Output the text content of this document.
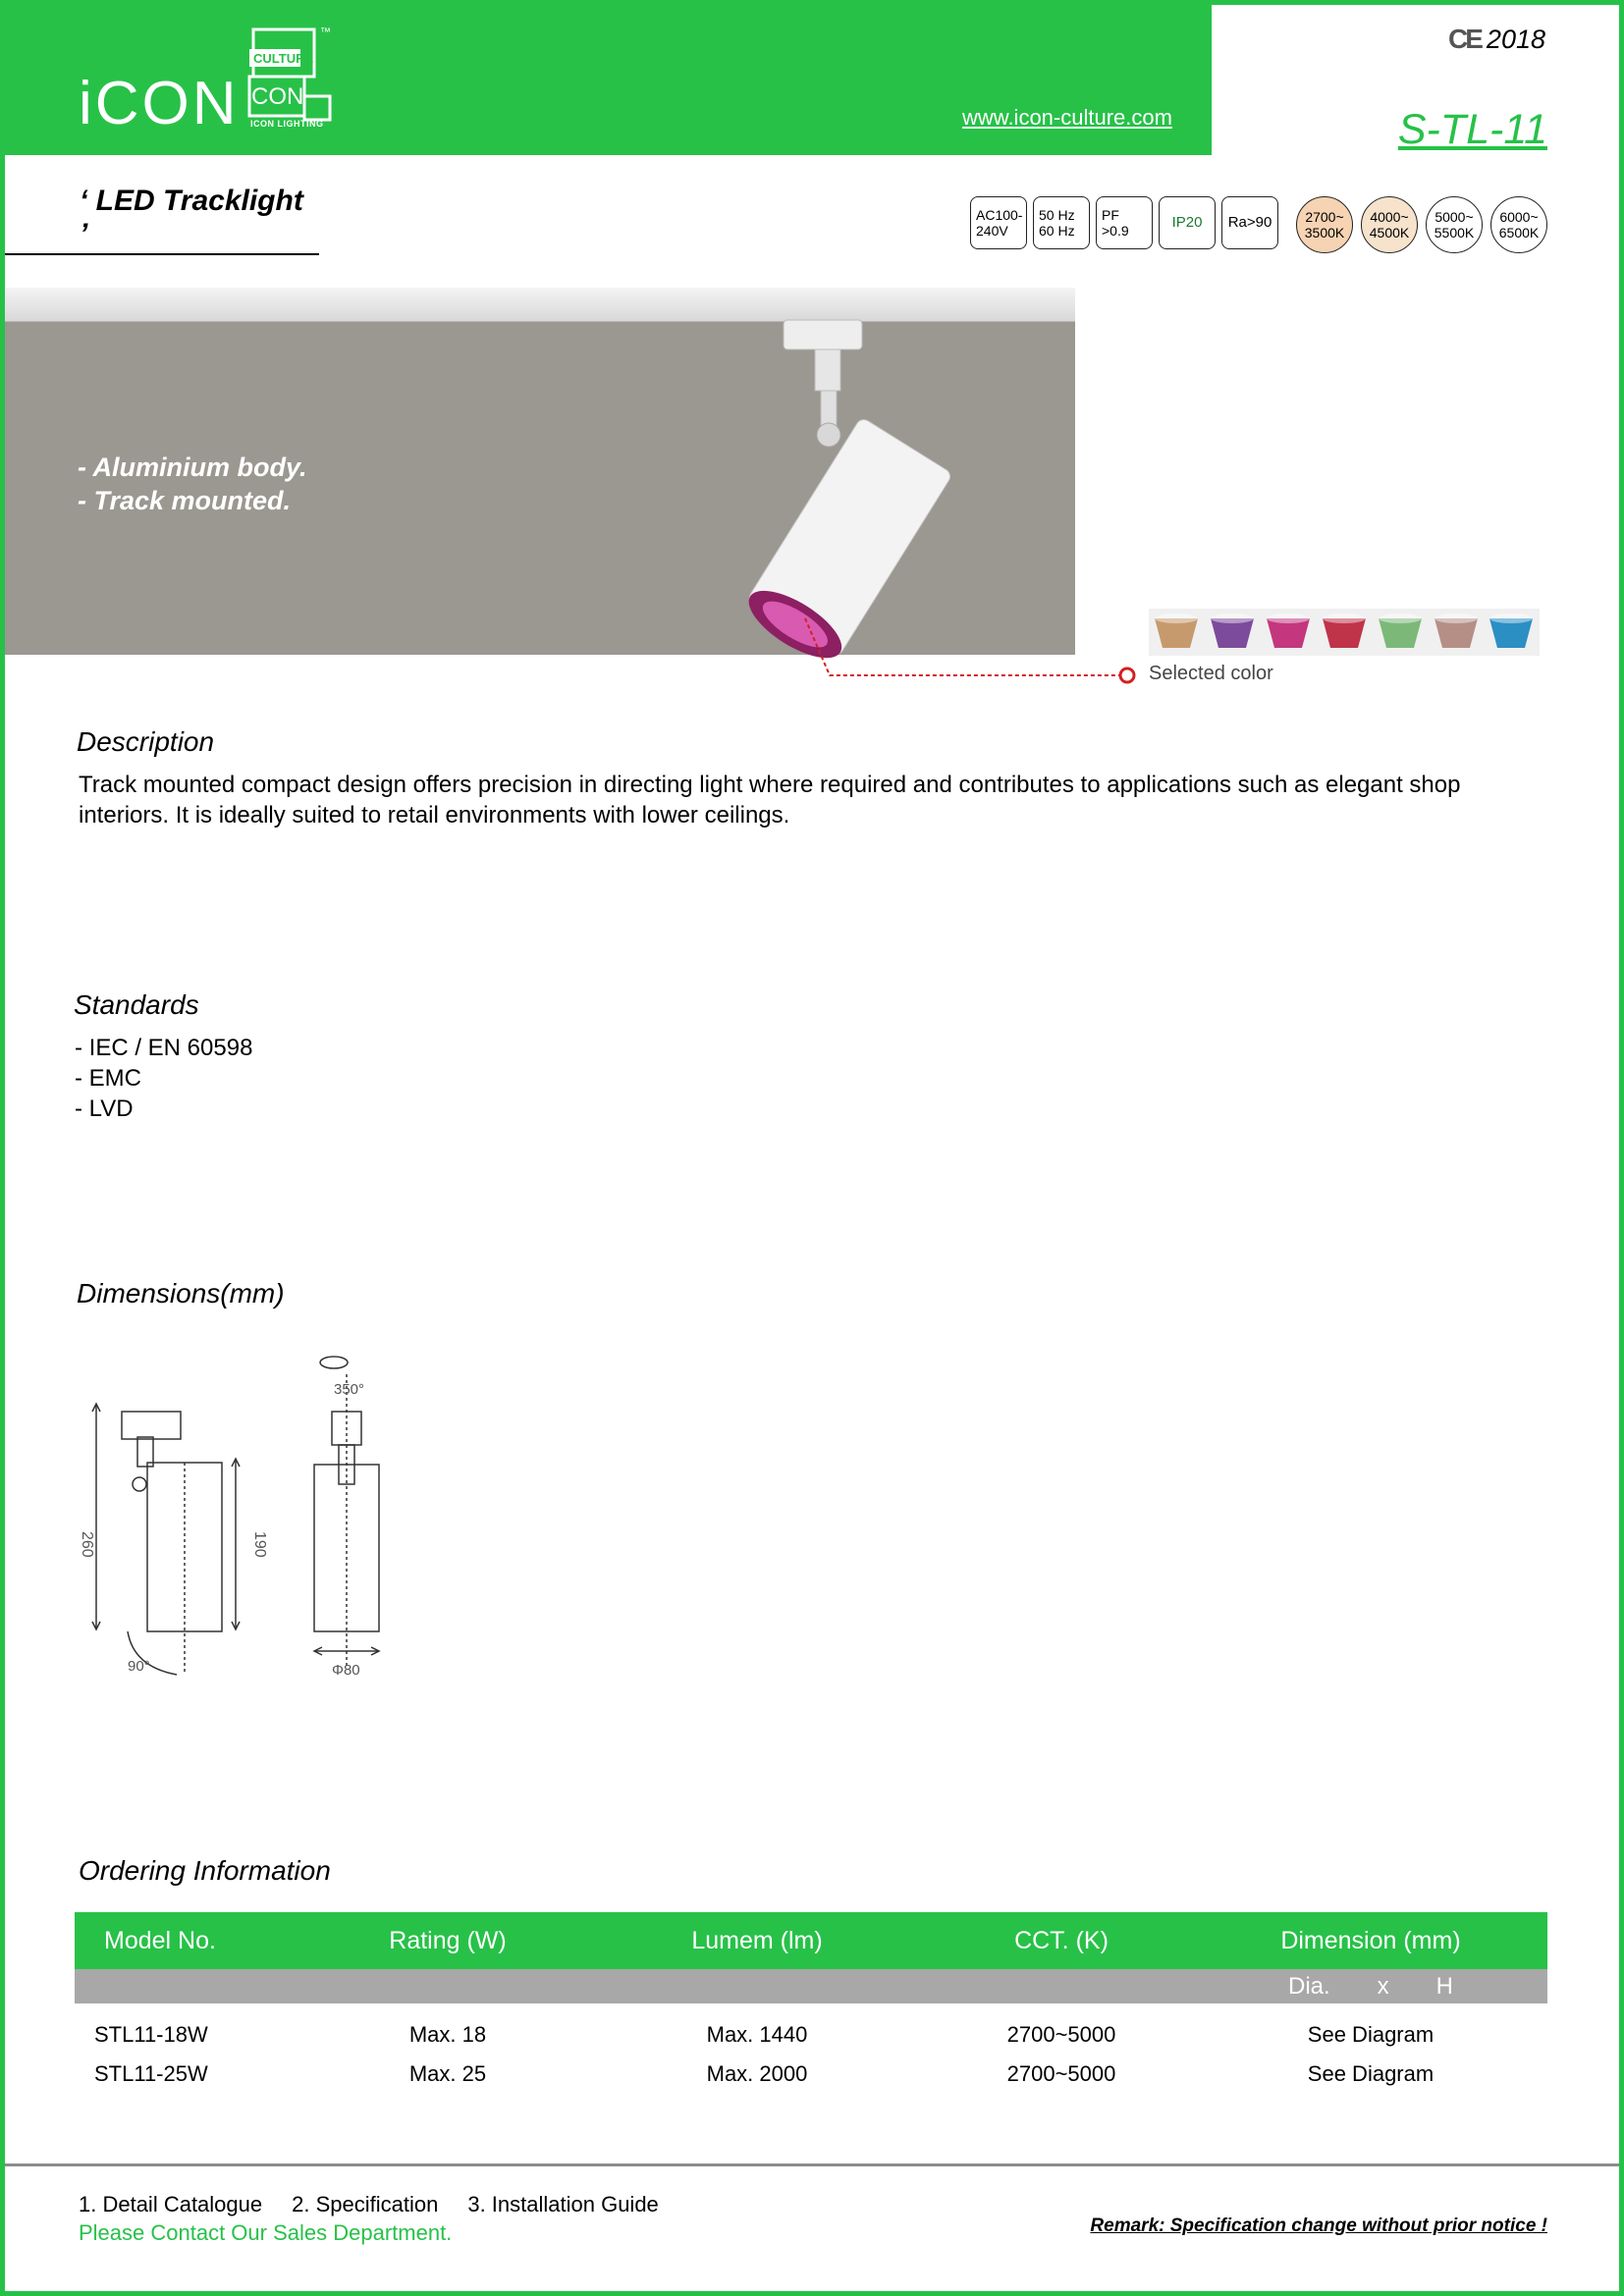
iCON
CULTURE
CON
™
ICON LIGHTING	www.icon-culture.com
CE 2018
S-TL-11
‘ LED Tracklight ’
AC100-
240V
50 Hz
60 Hz
PF
>0.9	IP20	Ra>90	2700~
3500K
4000~
4500K
5000~
5500K
6000~
6500K
- Aluminium body.
- Track mounted.
Selected color
Description
Track mounted compact design offers precision in directing light where required and contributes to applications such as elegant shop interiors. It is ideally suited to retail environments with lower ceilings.
Standards
- IEC / EN 60598
- EMC
- LVD
Dimensions(mm)
350°
260	190
90°	Φ80
Ordering Information
Model No.	Rating (W)	Lumem (lm)	CCT. (K)	Dimension (mm)
Dia. x H
STL11-18W	Max. 18	Max. 1440	2700~5000	See Diagram
STL11-25W	Max. 25	Max. 2000	2700~5000	See Diagram
1. Detail Catalogue 2. Specification 3. Installation Guide
Please Contact Our Sales Department.	Remark: Specification change without prior notice !
